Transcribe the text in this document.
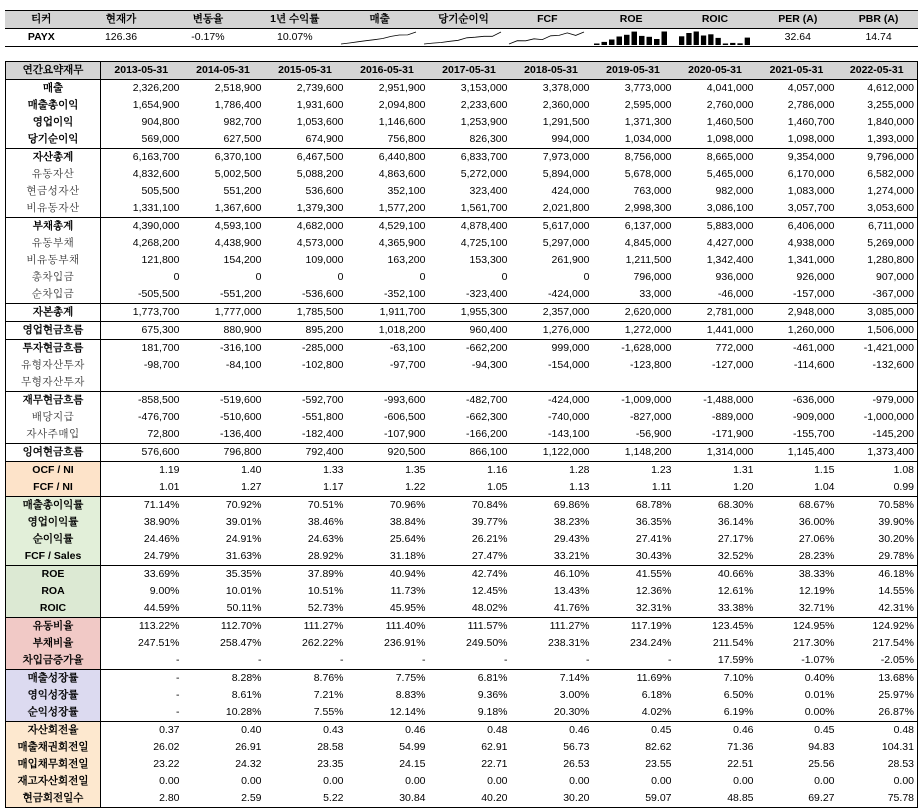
티커	현재가	변동율	1년 수익률	매출	당기순이익	FCF	ROE	ROIC	PER (A)	PBR (A)
PAYX	126.36	-0.17%	10.07%						32.64	14.74
연간요약재무	2013-05-31	2014-05-31	2015-05-31	2016-05-31	2017-05-31	2018-05-31	2019-05-31	2020-05-31	2021-05-31	2022-05-31
매출	2,326,200	2,518,900	2,739,600	2,951,900	3,153,000	3,378,000	3,773,000	4,041,000	4,057,000	4,612,000
매출총이익	1,654,900	1,786,400	1,931,600	2,094,800	2,233,600	2,360,000	2,595,000	2,760,000	2,786,000	3,255,000
영업이익	904,800	982,700	1,053,600	1,146,600	1,253,900	1,291,500	1,371,300	1,460,500	1,460,700	1,840,000
당기순이익	569,000	627,500	674,900	756,800	826,300	994,000	1,034,000	1,098,000	1,098,000	1,393,000
자산총계	6,163,700	6,370,100	6,467,500	6,440,800	6,833,700	7,973,000	8,756,000	8,665,000	9,354,000	9,796,000
유동자산	4,832,600	5,002,500	5,088,200	4,863,600	5,272,000	5,894,000	5,678,000	5,465,000	6,170,000	6,582,000
현금성자산	505,500	551,200	536,600	352,100	323,400	424,000	763,000	982,000	1,083,000	1,274,000
비유동자산	1,331,100	1,367,600	1,379,300	1,577,200	1,561,700	2,021,800	2,998,300	3,086,100	3,057,700	3,053,600
부채총계	4,390,000	4,593,100	4,682,000	4,529,100	4,878,400	5,617,000	6,137,000	5,883,000	6,406,000	6,711,000
유동부채	4,268,200	4,438,900	4,573,000	4,365,900	4,725,100	5,297,000	4,845,000	4,427,000	4,938,000	5,269,000
비유동부채	121,800	154,200	109,000	163,200	153,300	261,900	1,211,500	1,342,400	1,341,000	1,280,800
총차입금	0	0	0	0	0	0	796,000	936,000	926,000	907,000
순차입금	-505,500	-551,200	-536,600	-352,100	-323,400	-424,000	33,000	-46,000	-157,000	-367,000
자본총계	1,773,700	1,777,000	1,785,500	1,911,700	1,955,300	2,357,000	2,620,000	2,781,000	2,948,000	3,085,000
영업현금흐름	675,300	880,900	895,200	1,018,200	960,400	1,276,000	1,272,000	1,441,000	1,260,000	1,506,000
투자현금흐름	181,700	-316,100	-285,000	-63,100	-662,200	999,000	-1,628,000	772,000	-461,000	-1,421,000
유형자산투자	-98,700	-84,100	-102,800	-97,700	-94,300	-154,000	-123,800	-127,000	-114,600	-132,600
무형자산투자										
재무현금흐름	-858,500	-519,600	-592,700	-993,600	-482,700	-424,000	-1,009,000	-1,488,000	-636,000	-979,000
배당지급	-476,700	-510,600	-551,800	-606,500	-662,300	-740,000	-827,000	-889,000	-909,000	-1,000,000
자사주매입	72,800	-136,400	-182,400	-107,900	-166,200	-143,100	-56,900	-171,900	-155,700	-145,200
잉여현금흐름	576,600	796,800	792,400	920,500	866,100	1,122,000	1,148,200	1,314,000	1,145,400	1,373,400
OCF / NI	1.19	1.40	1.33	1.35	1.16	1.28	1.23	1.31	1.15	1.08
FCF / NI	1.01	1.27	1.17	1.22	1.05	1.13	1.11	1.20	1.04	0.99
매출총이익률	71.14%	70.92%	70.51%	70.96%	70.84%	69.86%	68.78%	68.30%	68.67%	70.58%
영업이익률	38.90%	39.01%	38.46%	38.84%	39.77%	38.23%	36.35%	36.14%	36.00%	39.90%
순이익률	24.46%	24.91%	24.63%	25.64%	26.21%	29.43%	27.41%	27.17%	27.06%	30.20%
FCF / Sales	24.79%	31.63%	28.92%	31.18%	27.47%	33.21%	30.43%	32.52%	28.23%	29.78%
ROE	33.69%	35.35%	37.89%	40.94%	42.74%	46.10%	41.55%	40.66%	38.33%	46.18%
ROA	9.00%	10.01%	10.51%	11.73%	12.45%	13.43%	12.36%	12.61%	12.19%	14.55%
ROIC	44.59%	50.11%	52.73%	45.95%	48.02%	41.76%	32.31%	33.38%	32.71%	42.31%
유동비율	113.22%	112.70%	111.27%	111.40%	111.57%	111.27%	117.19%	123.45%	124.95%	124.92%
부채비율	247.51%	258.47%	262.22%	236.91%	249.50%	238.31%	234.24%	211.54%	217.30%	217.54%
차입금증가율	-	-	-	-	-	-	-	17.59%	-1.07%	-2.05%
매출성장률	-	8.28%	8.76%	7.75%	6.81%	7.14%	11.69%	7.10%	0.40%	13.68%
영익성장률	-	8.61%	7.21%	8.83%	9.36%	3.00%	6.18%	6.50%	0.01%	25.97%
순익성장률	-	10.28%	7.55%	12.14%	9.18%	20.30%	4.02%	6.19%	0.00%	26.87%
자산회전율	0.37	0.40	0.43	0.46	0.48	0.46	0.45	0.46	0.45	0.48
매출채권회전일	26.02	26.91	28.58	54.99	62.91	56.73	82.62	71.36	94.83	104.31
매입채무회전일	23.22	24.32	23.35	24.15	22.71	26.53	23.55	22.51	25.56	28.53
재고자산회전일	0.00	0.00	0.00	0.00	0.00	0.00	0.00	0.00	0.00	0.00
현금회전일수	2.80	2.59	5.22	30.84	40.20	30.20	59.07	48.85	69.27	75.78
